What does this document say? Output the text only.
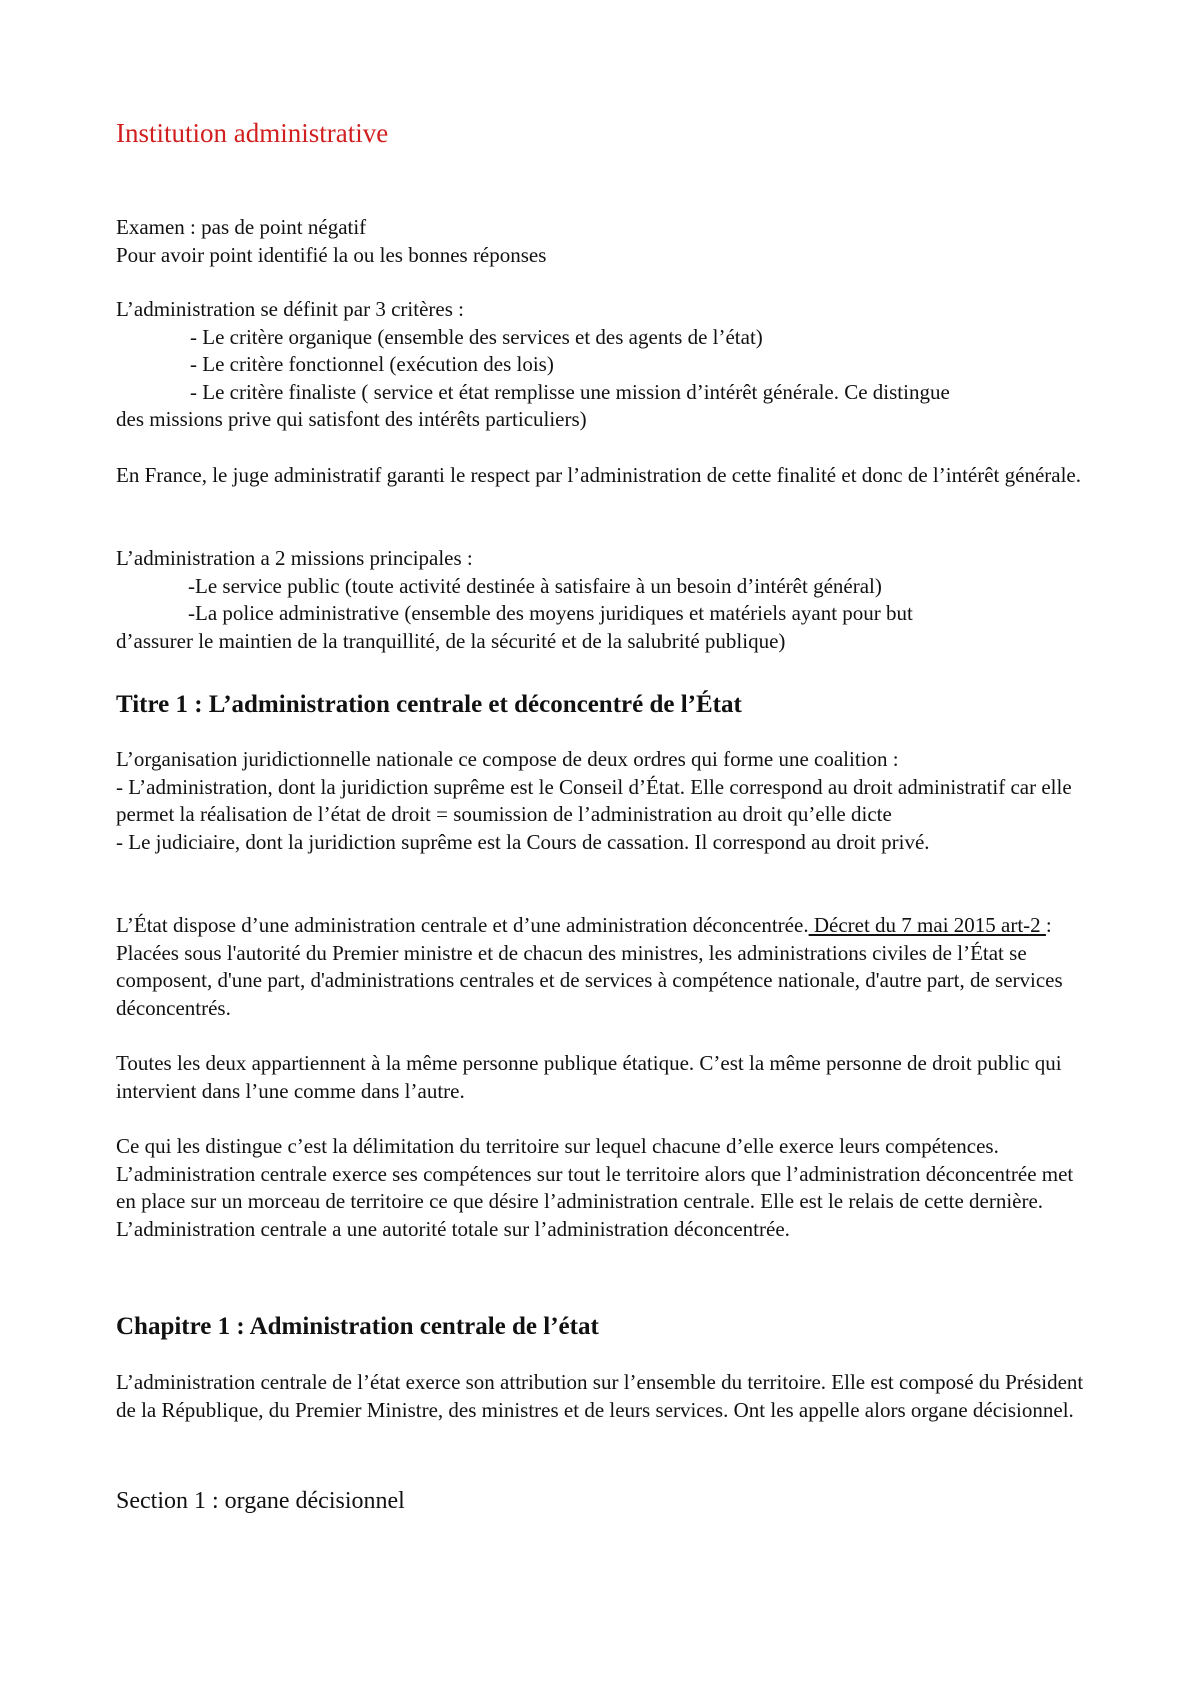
Institution administrative

Examen : pas de point négatif

Pour avoir point identifié la ou les bonnes réponses

L’administration se définit par 3 critères :

- Le critère organique (ensemble des services et des agents de l’état)

- Le critère fonctionnel (exécution des lois)

- Le critère finaliste ( service et état remplisse une mission d’intérêt générale. Ce distingue

des missions prive qui satisfont des intérêts particuliers)

En France, le juge administratif garanti le respect par l’administration de cette finalité et donc de l’intérêt générale.

L’administration a 2 missions principales :

-Le service public (toute activité destinée à satisfaire à un besoin d’intérêt général)

-La police administrative (ensemble des moyens juridiques et matériels ayant pour but

d’assurer le maintien de la tranquillité, de la sécurité et de la salubrité publique)

Titre 1 : L’administration centrale et déconcentré de l’État

L’organisation juridictionnelle nationale ce compose de deux ordres qui forme une coalition :

- L’administration, dont la juridiction suprême est le Conseil d’État. Elle correspond au droit administratif car elle permet la réalisation de l’état de droit = soumission de l’administration au droit qu’elle dicte

- Le judiciaire, dont la juridiction suprême est la Cours de cassation. Il correspond au droit privé.

L’État dispose d’une administration centrale et d’une administration déconcentrée. Décret du 7 mai 2015 art-2 : Placées sous l'autorité du Premier ministre et de chacun des ministres, les administrations civiles de l’État se composent, d'une part, d'administrations centrales et de services à compétence nationale, d'autre part, de services déconcentrés.

Toutes les deux appartiennent à la même personne publique étatique. C’est la même personne de droit public qui intervient dans l’une comme dans l’autre.

Ce qui les distingue c’est la délimitation du territoire sur lequel chacune d’elle exerce leurs compétences. L’administration centrale exerce ses compétences sur tout le territoire alors que l’administration déconcentrée met en place sur un morceau de territoire ce que désire l’administration centrale. Elle est le relais de cette dernière. L’administration centrale a une autorité totale sur l’administration déconcentrée.

Chapitre 1 : Administration centrale de l’état

L’administration centrale de l’état exerce son attribution sur l’ensemble du territoire. Elle est composé du Président de la République, du Premier Ministre, des ministres et de leurs services. Ont les appelle alors organe décisionnel.

Section 1 : organe décisionnel
